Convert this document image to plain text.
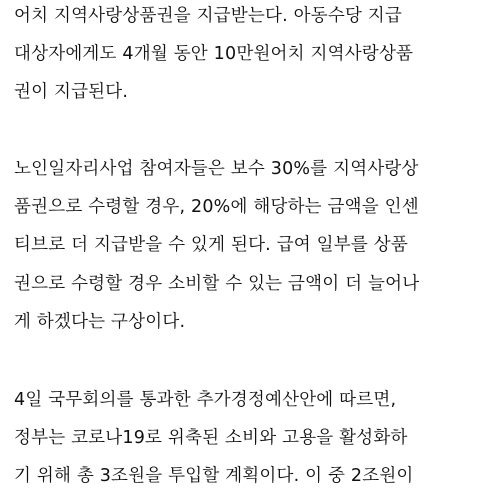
어치 지역사랑상품권을 지급받는다. 아동수당 지급
대상자에게도 4개월 동안 10만원어치 지역사랑상품
권이 지급된다.
노인일자리사업 참여자들은 보수 30%를 지역사랑상
품권으로 수령할 경우, 20%에 해당하는 금액을 인센
티브로 더 지급받을 수 있게 된다. 급여 일부를 상품
권으로 수령할 경우 소비할 수 있는 금액이 더 늘어나
게 하겠다는 구상이다.
4일 국무회의를 통과한 추가경정예산안에 따르면,
정부는 코로나19로 위축된 소비와 고용을 활성화하
기 위해 총 3조원을 투입할 계획이다. 이 중 2조원이
